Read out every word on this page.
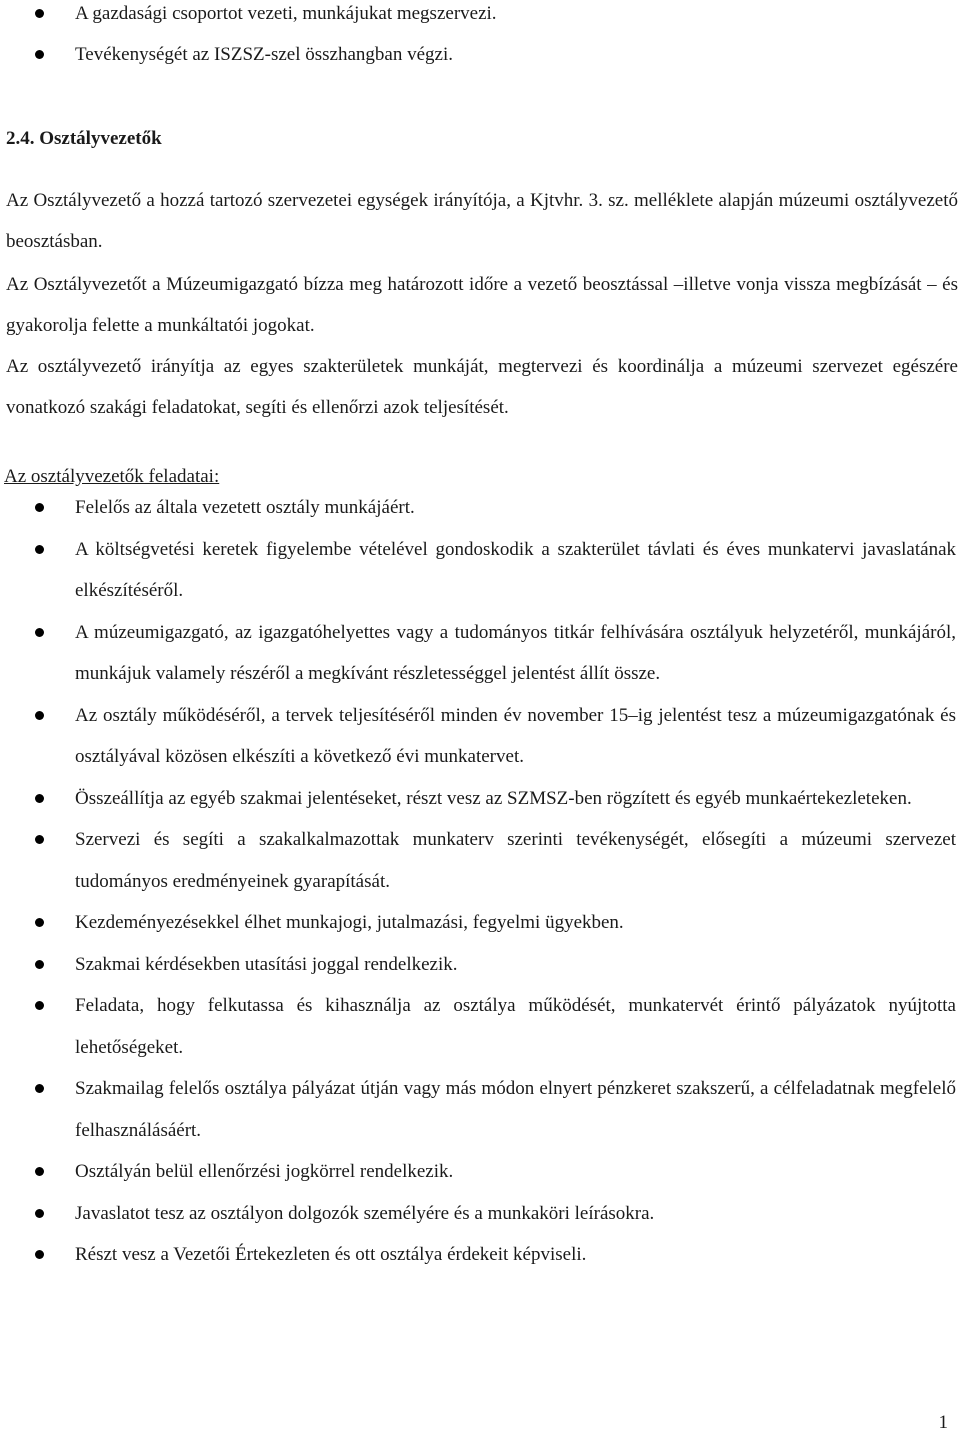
A gazdasági csoportot vezeti, munkájukat megszervezi.
Tevékenységét az ISZSZ-szel összhangban végzi.
2.4. Osztályvezetők

Az Osztályvezető a hozzá tartozó szervezetei egységek irányítója, a Kjtvhr. 3. sz. melléklete alapján múzeumi osztályvezető beosztásban.

Az Osztályvezetőt a Múzeumigazgató bízza meg határozott időre a vezető beosztással –illetve vonja vissza megbízását – és gyakorolja felette a munkáltatói jogokat.

Az osztályvezető irányítja az egyes szakterületek munkáját, megtervezi és koordinálja a múzeumi szervezet egészére vonatkozó szakági feladatokat, segíti és ellenőrzi azok teljesítését.

Az osztályvezetők feladatai:
Felelős az általa vezetett osztály munkájáért.
A költségvetési keretek figyelembe vételével gondoskodik a szakterület távlati és éves munkatervi javaslatának elkészítéséről.
A múzeumigazgató, az igazgatóhelyettes vagy a tudományos titkár felhívására osztályuk helyzetéről, munkájáról, munkájuk valamely részéről a megkívánt részletességgel jelentést állít össze.
Az osztály működéséről, a tervek teljesítéséről minden év november 15–ig jelentést tesz a múzeumigazgatónak és osztályával közösen elkészíti a következő évi munkatervet.
Összeállítja az egyéb szakmai jelentéseket, részt vesz az SZMSZ-ben rögzített és egyéb munkaértekezleteken.
Szervezi és segíti a szakalkalmazottak munkaterv szerinti tevékenységét, elősegíti a múzeumi szervezet tudományos eredményeinek gyarapítását.
Kezdeményezésekkel élhet munkajogi, jutalmazási, fegyelmi ügyekben.
Szakmai kérdésekben utasítási joggal rendelkezik.
Feladata, hogy felkutassa és kihasználja az osztálya működését, munkatervét érintő pályázatok nyújtotta lehetőségeket.
Szakmailag felelős osztálya pályázat útján vagy más módon elnyert pénzkeret szakszerű, a célfeladatnak megfelelő felhasználásáért.
Osztályán belül ellenőrzési jogkörrel rendelkezik.
Javaslatot tesz az osztályon dolgozók személyére és a munkaköri leírásokra.
Részt vesz a Vezetői Értekezleten és ott osztálya érdekeit képviseli.
1
